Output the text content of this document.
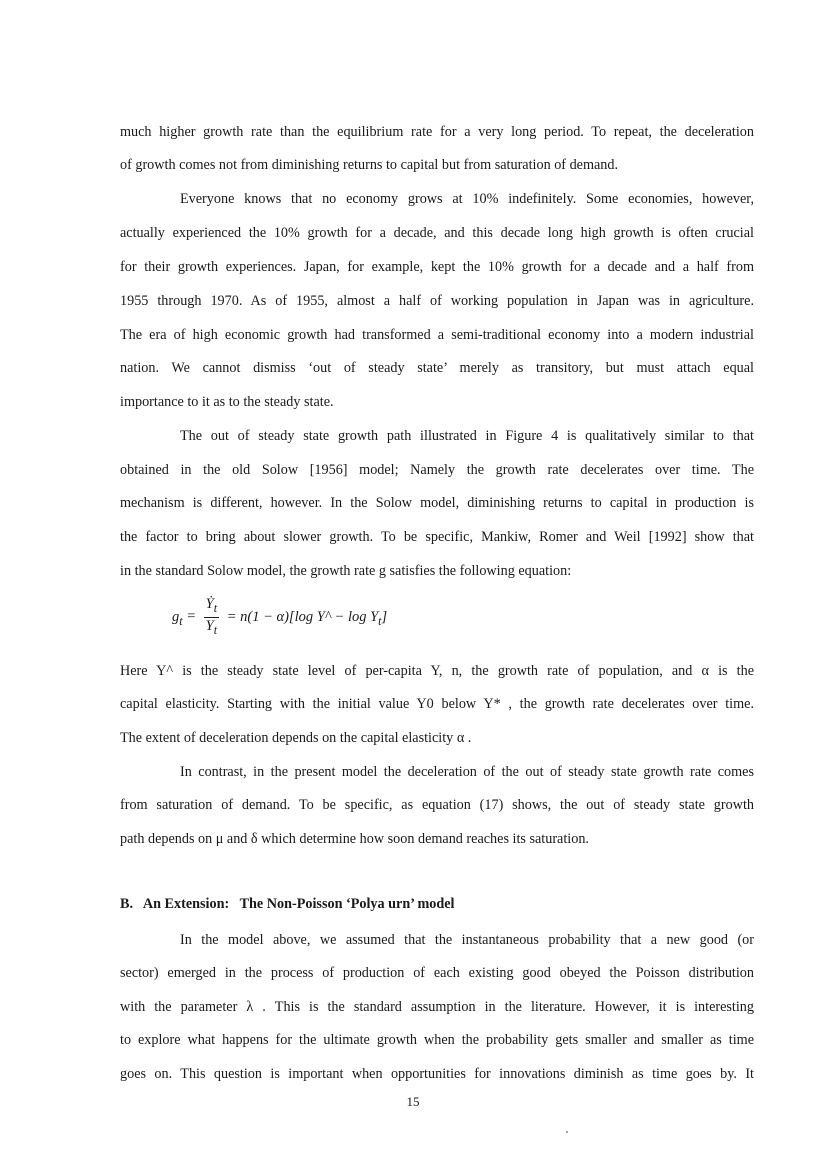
much higher growth rate than the equilibrium rate for a very long period. To repeat, the deceleration
of growth comes not from diminishing returns to capital but from saturation of demand.
Everyone knows that no economy grows at 10% indefinitely. Some economies, however,
actually experienced the 10% growth for a decade, and this decade long high growth is often crucial
for their growth experiences. Japan, for example, kept the 10% growth for a decade and a half from
1955 through 1970. As of 1955, almost a half of working population in Japan was in agriculture.
The era of high economic growth had transformed a semi-traditional economy into a modern industrial
nation. We cannot dismiss ‘out of steady state’ merely as transitory, but must attach equal
importance to it as to the steady state.
The out of steady state growth path illustrated in Figure 4 is qualitatively similar to that
obtained in the old Solow [1956] model; Namely the growth rate decelerates over time. The
mechanism is different, however. In the Solow model, diminishing returns to capital in production is
the factor to bring about slower growth. To be specific, Mankiw, Romer and Weil [1992] show that
in the standard Solow model, the growth rate g satisfies the following equation:
$g_t = \frac{Ẏ_t}{Y_t} = n(1 - \alpha)[\log$ Y^ − $\log Y_t$]
Here Y^ is the steady state level of per-capita Y, n, the growth rate of population, and α is the
capital elasticity. Starting with the initial value Y0 below Y* , the growth rate decelerates over time.
The extent of deceleration depends on the capital elasticity α .
In contrast, in the present model the deceleration of the out of steady state growth rate comes
from saturation of demand. To be specific, as equation (17) shows, the out of steady state growth
path depends on μ and δ which determine how soon demand reaches its saturation.
B.   An Extension:   The Non-Poisson ‘Polya urn’ model
In the model above, we assumed that the instantaneous probability that a new good (or
sector) emerged in the process of production of each existing good obeyed the Poisson distribution
with the parameter λ . This is the standard assumption in the literature. However, it is interesting
to explore what happens for the ultimate growth when the probability gets smaller and smaller as time
goes on. This question is important when opportunities for innovations diminish as time goes by. It
15
